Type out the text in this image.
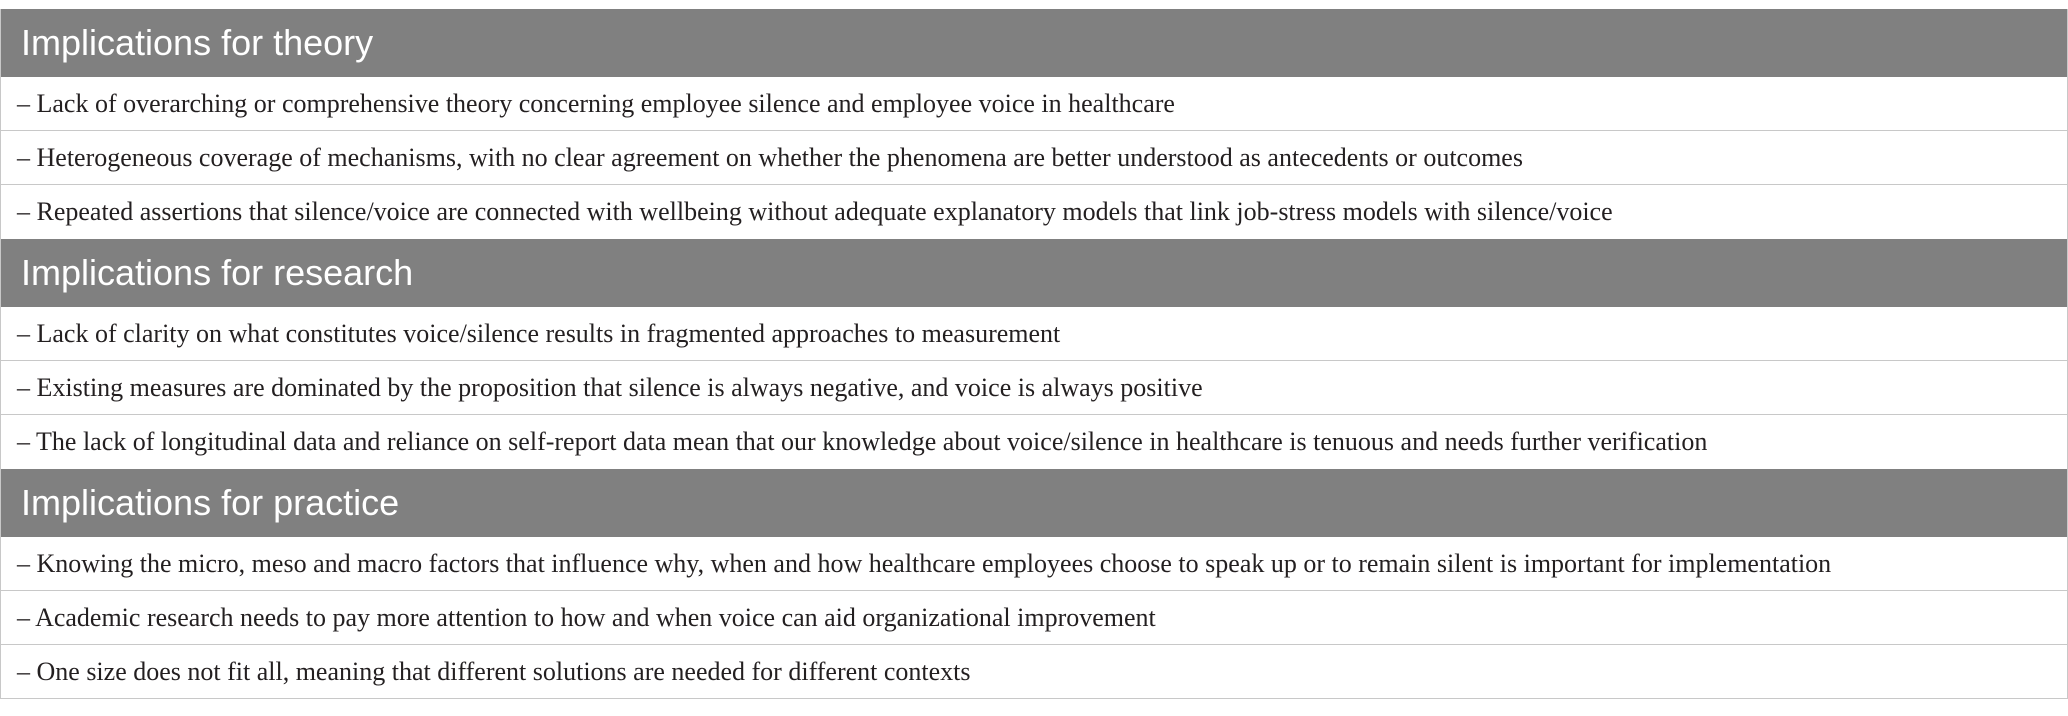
Implications for theory
– Lack of overarching or comprehensive theory concerning employee silence and employee voice in healthcare
– Heterogeneous coverage of mechanisms, with no clear agreement on whether the phenomena are better understood as antecedents or outcomes
– Repeated assertions that silence/voice are connected with wellbeing without adequate explanatory models that link job-stress models with silence/voice
Implications for research
– Lack of clarity on what constitutes voice/silence results in fragmented approaches to measurement
– Existing measures are dominated by the proposition that silence is always negative, and voice is always positive
– The lack of longitudinal data and reliance on self-report data mean that our knowledge about voice/silence in healthcare is tenuous and needs further verification
Implications for practice
– Knowing the micro, meso and macro factors that influence why, when and how healthcare employees choose to speak up or to remain silent is important for implementation
– Academic research needs to pay more attention to how and when voice can aid organizational improvement
– One size does not fit all, meaning that different solutions are needed for different contexts
